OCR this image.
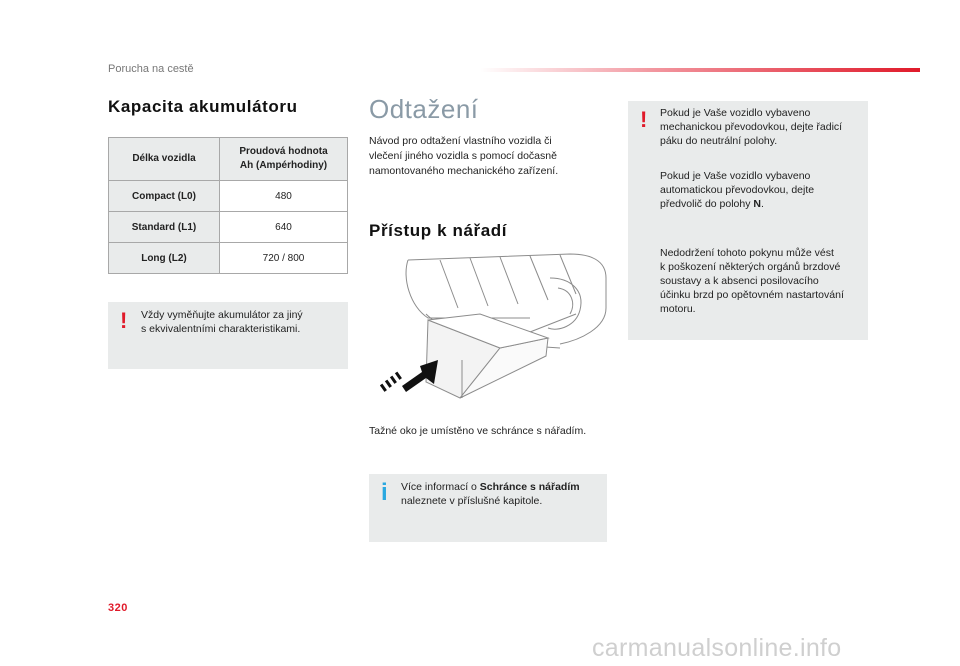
Porucha na cestě
Kapacita akumulátoru
Délka vozidla	Proudová hodnota
Ah (Ampérhodiny)
Compact (L0)	480
Standard (L1)	640
Long (L2)	720 / 800
! Vždy vyměňujte akumulátor za jiný
s ekvivalentními charakteristikami.
Odtažení
Návod pro odtažení vlastního vozidla či
vlečení jiného vozidla s pomocí dočasně
namontovaného mechanického zařízení.
Přístup k nářadí
Tažné oko je umístěno ve schránce s nářadím.
i Více informací o Schránce s nářadím
naleznete v příslušné kapitole.
! Pokud je Vaše vozidlo vybaveno
mechanickou převodovkou, dejte řadicí
páku do neutrální polohy.
Pokud je Vaše vozidlo vybaveno
automatickou převodovkou, dejte
předvolič do polohy N.
Nedodržení tohoto pokynu může vést
k poškození některých orgánů brzdové
soustavy a k absenci posilovacího
účinku brzd po opětovném nastartování
motoru.
320
carmanualsonline.info
